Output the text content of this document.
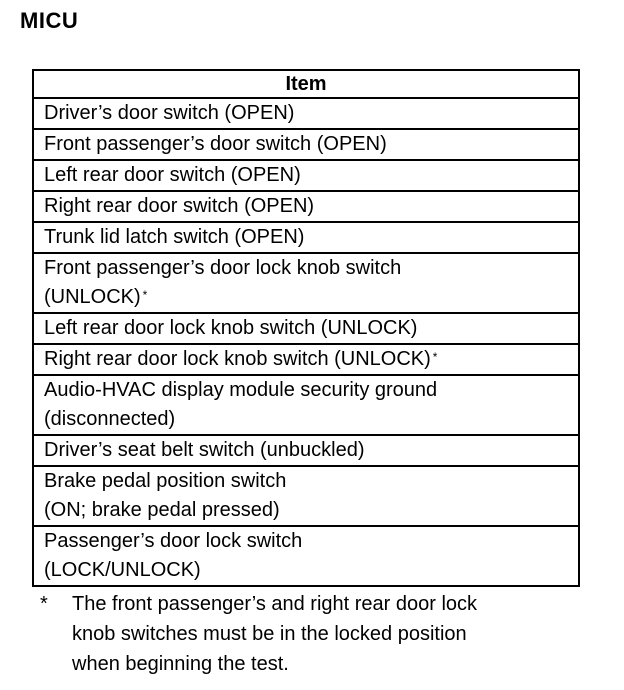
MICU
Item
Driver’s door switch (OPEN)
Front passenger’s door switch (OPEN)
Left rear door switch (OPEN)
Right rear door switch (OPEN)
Trunk lid latch switch (OPEN)
Front passenger’s door lock knob switch
(UNLOCK) *
Left rear door lock knob switch (UNLOCK)
Right rear door lock knob switch (UNLOCK) *
Audio-HVAC display module security ground
(disconnected)
Driver’s seat belt switch (unbuckled)
Brake pedal position switch
(ON; brake pedal pressed)
Passenger’s door lock switch
(LOCK/UNLOCK)
*	The front passenger’s and right rear door lock
knob switches must be in the locked position
when beginning the test.
